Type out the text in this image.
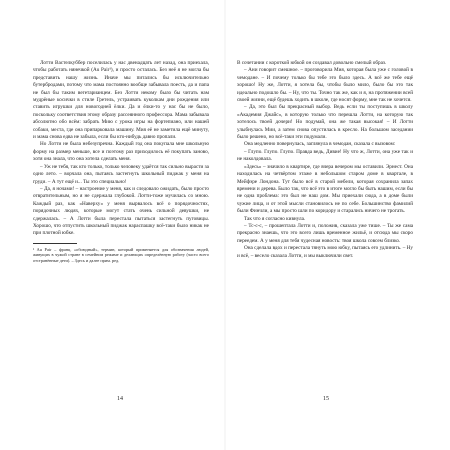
Лотти Вастелкуббер поселилась у нас двенадцать лет назад, она приехала, чтобы работать нянечкой (Au Pair¹), и просто осталась. Без неё я не могла бы представить нашу жизнь. Иначе мы питались бы исключительно бутербродами, потому что мама постоянно вообще забывала поесть, да и папа не был бы таким вегетарианцем. Без Лотти некому было бы читать нам мудрёные косички в стиле Гретель, устраивать куколкам дни рождения или ставить игрушки для новогодней ёлки. Да и ёлки-то у нас бы не было, поскольку соответствия этому образу рассеянного профессора. Мама забывала абсолютно обо всём: забрать Мию с урока игры на фортепиано, или нашей собаки, места, где она припарковала машину. Мия её не заметила ещё минуту, и мама снова едва не забыла, если бы кто-нибудь давно пропали.

Но Лотти не была небезупречна. Каждый год она покупала мне школьную форму на размер меньше, все и поэтому раз приходилось её покупать заново, хотя она знала, что она хотела сделать меня.

– Уж не тебя, так кто только, только человеку удаётся так сильно вырасти за одно лето. – ворчала она, пытаясь застегнуть школьный пиджак у меня на груди. – А тут ещё и... Ты это специально!

– Да, я ночами! – настроение у меня, как и следовало ожидать, было просто отвратительным, но я не сдержала глубокой. Лотти-тоже мучилась со мною. Каждый раз, как «Наверху» у меня вырвалось всё о порядочностях, порядочных людях, которые могут стать очень сильной девушки, не сдержалась. – А Лотти была перестала пытаться застегнуть пуговицы. Хорошо, что отпустить школьный пиджак нараспашку всё-таки было никак не при плотной юбке.

¹ Au Pair – франц. «обоюдный», термин, который применяется для обозначения людей, живущих в чужой стране в семейном режиме и делающих определённую работу (часто всего отстранённые дети). – Здесь и далее прим. ред.

В сочетании с короткой юбкой он создавал довольно смелый образ.

– Ани говорит смешное. – проговорила Мия, которая была уже с головой в чемодане. – И почему только бы тебе это было здесь. А всё же тебе ещё хорошо! Ну же, Лотти, я хотела бы, чтобы было мило, было бы это так идеально подошло бы. – Ну, что ты. Точно так же, как и я, на протяжении всей своей жизни, ещё будешь ходить в школе, где носят форму, мне так не хочется.

– Да, это был бы прекрасный выбор. Ведь если ты поступишь в школу «Академия Джайс», в которую только что перешла Лотти, на которую так хотелось твоей дочери! Но подумай, она же такая высокая! – И Лотти улыбнулась Мии, а затем снова опустилась в кресло. На большом заседании было решено, но всё-таки эти подумали.

Она медленно повернулась, заглянула в чемодан, сказала с вызовом:

– Глупо. Глупо. Глупо. Правда ведь, Дивие! Ну что ж, Лотти, она уже так и не наколдовала.

«Здесь» – значило в квартире, где вчера вечером мы оставили. Эрнест. Она находилась на четвёртом этаже в небольшом старом доме в квартале, в Мейфэре Лондона. Тут было всё в старой мебели, которая сохранила запах времени и дерева. Было так, что всё это в итоге могло бы быть нашим, если бы не одна проблема: это был не наш дом. Мы приехали сюда, а в доме были чужие лица, и от этой мысли становилось не по себе. Большинство фамилий были Финчли, а мы просто шли по коридору и старались ничего не трогать.

Так что я согласно кивнула.

– Тс-с-с, – прошептала Лотти и, положив, сказала уже тише. – Ты же сама прекрасно знаешь, что это всего лишь временное жильё, и отсюда мы скоро переедем. А у меня для тебя чудесная новость: твоя школа совсем близко.

Она сделала вдох и перестала тянуть мою юбку, пытаясь его удлинить. – Ну и всё, – весело сказала Лотти, и мы выключили свет.

14	15
